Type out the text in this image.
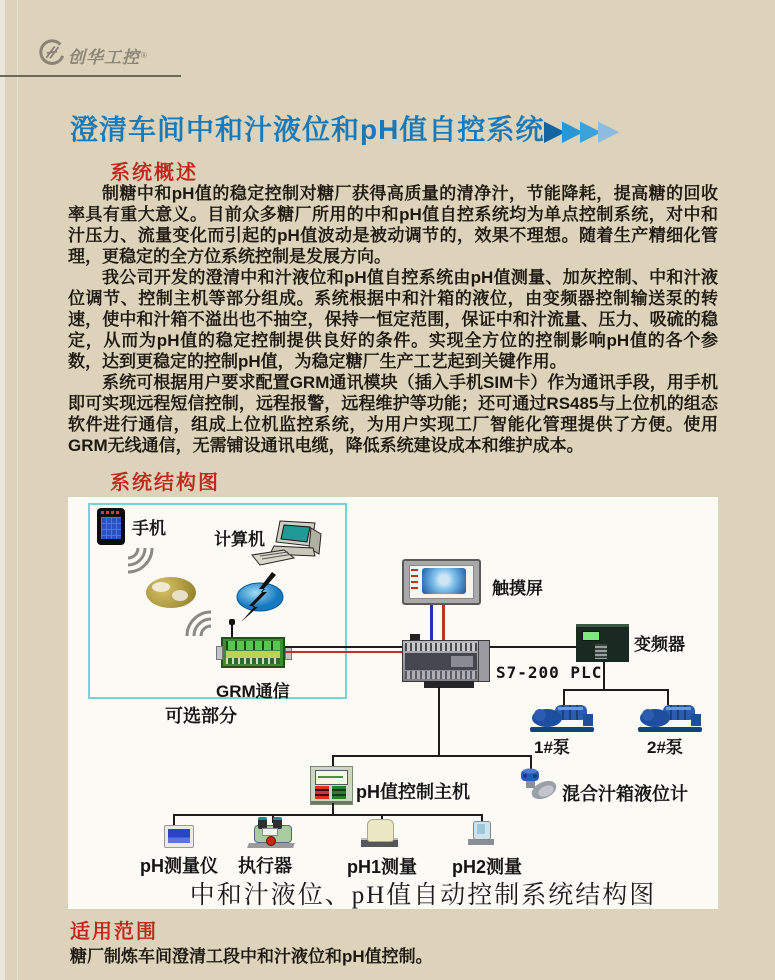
创华工控 ®
澄清车间中和汁液位和pH值自控系统▶▶▶▶
系统概述

制糖中和pH值的稳定控制对糖厂获得高质量的清净汁，节能降耗，提高糖的回收率具有重大意义。目前众多糖厂所用的中和pH值自控系统均为单点控制系统，对中和汁压力、流量变化而引起的pH值波动是被动调节的，效果不理想。随着生产精细化管理，更稳定的全方位系统控制是发展方向。

我公司开发的澄清中和汁液位和pH值自控系统由pH值测量、加灰控制、中和汁液位调节、控制主机等部分组成。系统根据中和汁箱的液位，由变频器控制输送泵的转速，使中和汁箱不溢出也不抽空，保持一恒定范围，保证中和汁流量、压力、吸硫的稳定，从而为pH值的稳定控制提供良好的条件。实现全方位的控制影响pH值的各个参数，达到更稳定的控制pH值，为稳定糖厂生产工艺起到关键作用。

系统可根据用户要求配置GRM通讯模块（插入手机SIM卡）作为通讯手段，用手机即可实现远程短信控制，远程报警，远程维护等功能；还可通过RS485与上位机的组态软件进行通信，组成上位机监控系统，为用户实现工厂智能化管理提供了方便。使用GRM无线通信，无需铺设通讯电缆，降低系统建设成本和维护成本。

系统结构图
手机
计算机
GRM通信
可选部分
触摸屏
S7-200 PLC
变频器
1#泵	2#泵
pH值控制主机	混合汁箱液位计
pH测量仪 执行器	pH1测量 pH2测量
中和汁液位、pH值自动控制系统结构图
适用范围
糖厂制炼车间澄清工段中和汁液位和pH值控制。
